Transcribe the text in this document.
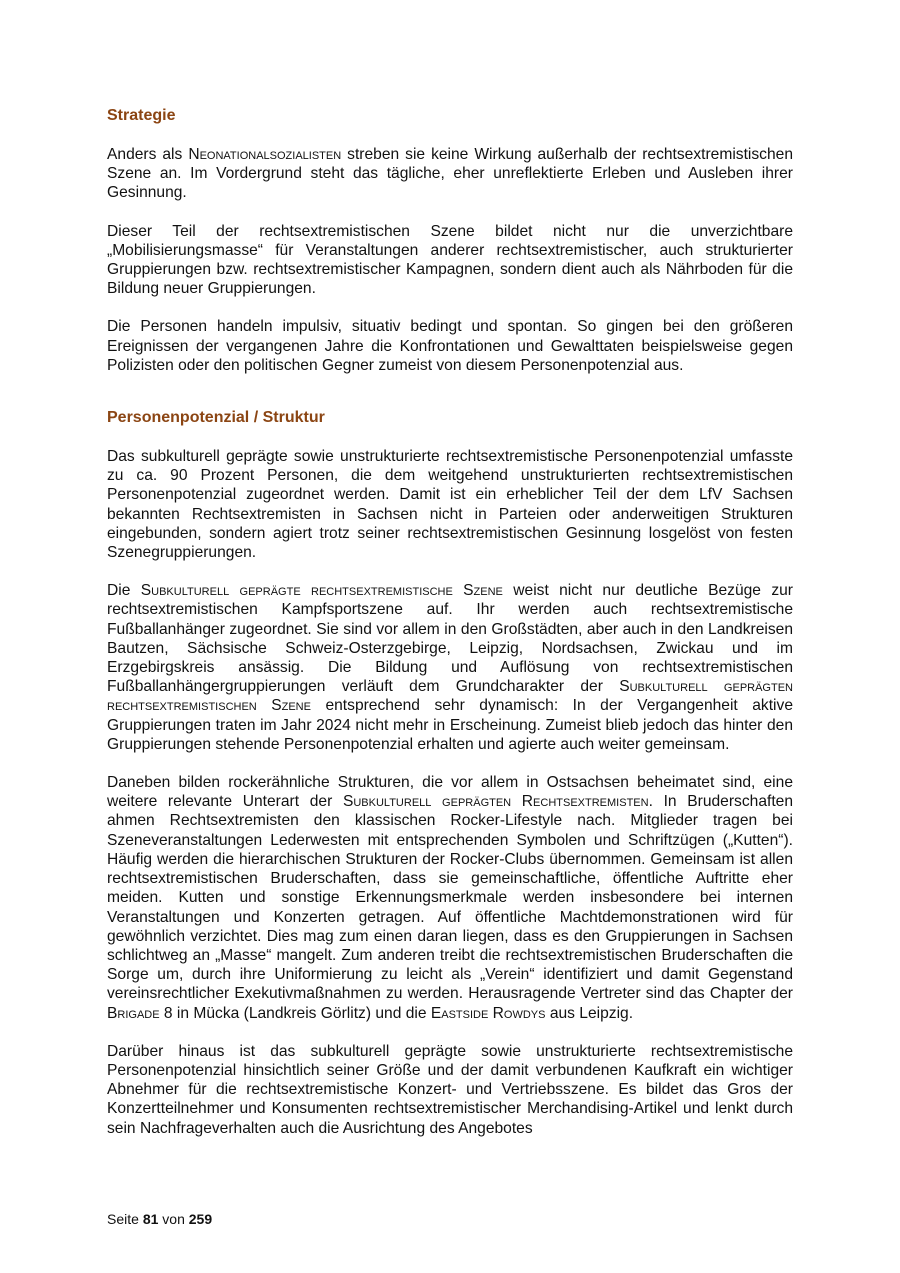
Strategie

Anders als Neonationalsozialisten streben sie keine Wirkung außerhalb der rechtsextremistischen Szene an. Im Vordergrund steht das tägliche, eher unreflektierte Erleben und Ausleben ihrer Gesinnung.

Dieser Teil der rechtsextremistischen Szene bildet nicht nur die unverzichtbare „Mobilisierungsmasse“ für Veranstaltungen anderer rechtsextremistischer, auch strukturierter Gruppierungen bzw. rechtsextremistischer Kampagnen, sondern dient auch als Nährboden für die Bildung neuer Gruppierungen.

Die Personen handeln impulsiv, situativ bedingt und spontan. So gingen bei den größeren Ereignissen der vergangenen Jahre die Konfrontationen und Gewalttaten beispielsweise gegen Polizisten oder den politischen Gegner zumeist von diesem Personenpotenzial aus.

Personenpotenzial / Struktur

Das subkulturell geprägte sowie unstrukturierte rechtsextremistische Personenpotenzial umfasste zu ca. 90 Prozent Personen, die dem weitgehend unstrukturierten rechtsextremistischen Personenpotenzial zugeordnet werden. Damit ist ein erheblicher Teil der dem LfV Sachsen bekannten Rechtsextremisten in Sachsen nicht in Parteien oder anderweitigen Strukturen eingebunden, sondern agiert trotz seiner rechtsextremistischen Gesinnung losgelöst von festen Szenegruppierungen.

Die Subkulturell geprägte rechtsextremistische Szene weist nicht nur deutliche Bezüge zur rechtsextremistischen Kampfsportszene auf. Ihr werden auch rechtsextremistische Fußballanhänger zugeordnet. Sie sind vor allem in den Großstädten, aber auch in den Landkreisen Bautzen, Sächsische Schweiz-Osterzgebirge, Leipzig, Nordsachsen, Zwickau und im Erzgebirgskreis ansässig. Die Bildung und Auflösung von rechtsextremistischen Fußballanhängergruppierungen verläuft dem Grundcharakter der Subkulturell geprägten rechtsextremistischen Szene entsprechend sehr dynamisch: In der Vergangenheit aktive Gruppierungen traten im Jahr 2024 nicht mehr in Erscheinung. Zumeist blieb jedoch das hinter den Gruppierungen stehende Personenpotenzial erhalten und agierte auch weiter gemeinsam.

Daneben bilden rockerähnliche Strukturen, die vor allem in Ostsachsen beheimatet sind, eine weitere relevante Unterart der Subkulturell geprägten Rechtsextremisten. In Bruderschaften ahmen Rechtsextremisten den klassischen Rocker-Lifestyle nach. Mitglieder tragen bei Szeneveranstaltungen Lederwesten mit entsprechenden Symbolen und Schriftzügen („Kutten“). Häufig werden die hierarchischen Strukturen der Rocker-Clubs übernommen. Gemeinsam ist allen rechtsextremistischen Bruderschaften, dass sie gemeinschaftliche, öffentliche Auftritte eher meiden. Kutten und sonstige Erkennungsmerkmale werden insbesondere bei internen Veranstaltungen und Konzerten getragen. Auf öffentliche Machtdemonstrationen wird für gewöhnlich verzichtet. Dies mag zum einen daran liegen, dass es den Gruppierungen in Sachsen schlichtweg an „Masse“ mangelt. Zum anderen treibt die rechtsextremistischen Bruderschaften die Sorge um, durch ihre Uniformierung zu leicht als „Verein“ identifiziert und damit Gegenstand vereinsrechtlicher Exekutivmaßnahmen zu werden. Herausragende Vertreter sind das Chapter der Brigade 8 in Mücka (Landkreis Görlitz) und die Eastside Rowdys aus Leipzig.

Darüber hinaus ist das subkulturell geprägte sowie unstrukturierte rechtsextremistische Personenpotenzial hinsichtlich seiner Größe und der damit verbundenen Kaufkraft ein wichtiger Abnehmer für die rechtsextremistische Konzert- und Vertriebsszene. Es bildet das Gros der Konzertteilnehmer und Konsumenten rechtsextremistischer Merchandising-Artikel und lenkt durch sein Nachfrageverhalten auch die Ausrichtung des Angebotes

Seite 81 von 259
